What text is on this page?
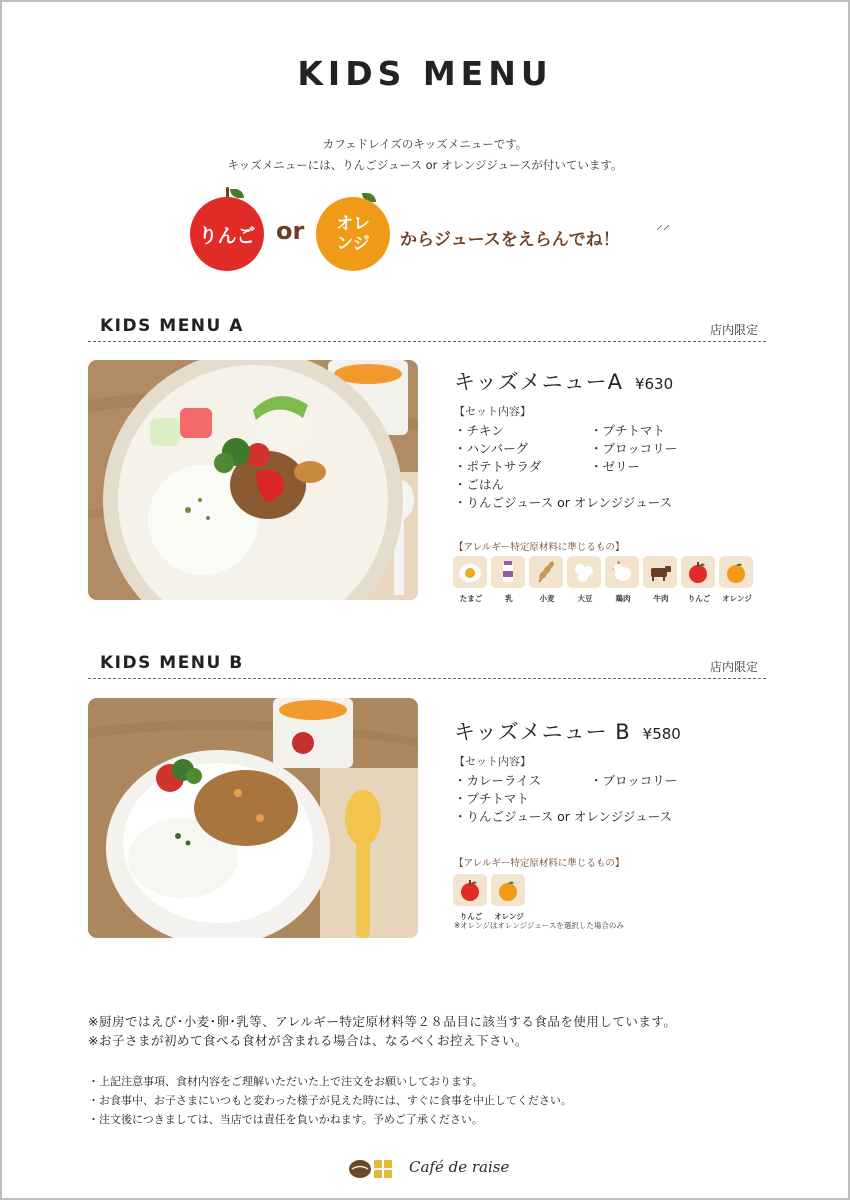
KIDS MENU
カフェドレイズのキッズメニューです。
キッズメニューには、りんごジュース or オレンジジュースが付いています。
りんご or オレ
ンジ からジュースをえらんでね！
⸝⸝
KIDS MENU A	店内限定
キッズメニューA ¥630
【セット内容】
・チキン
・ハンバーグ
・ポテトサラダ
・ごはん
・りんごジュース or オレンジジュース
・プチトマト
・ブロッコリー
・ゼリー
【アレルギー特定原材料に準じるもの】
たまご	乳	小麦	大豆	鶏肉	牛肉	りんご	オレンジ
KIDS MENU B	店内限定
キッズメニュー B ¥580
【セット内容】
・カレーライス
・プチトマト
・りんごジュース or オレンジジュース
・ブロッコリー
【アレルギー特定原材料に準じるもの】
りんご	オレンジ
※オレンジはオレンジジュースを選択した場合のみ
※厨房ではえび･小麦･卵･乳等、アレルギー特定原材料等２８品目に該当する食品を使用しています。
※お子さまが初めて食べる食材が含まれる場合は、なるべくお控え下さい。
・上記注意事項、食材内容をご理解いただいた上で注文をお願いしております。
・お食事中、お子さまにいつもと変わった様子が見えた時には、すぐに食事を中止してください。
・注文後につきましては、当店では責任を負いかねます。予めご了承ください。
Café de raise
